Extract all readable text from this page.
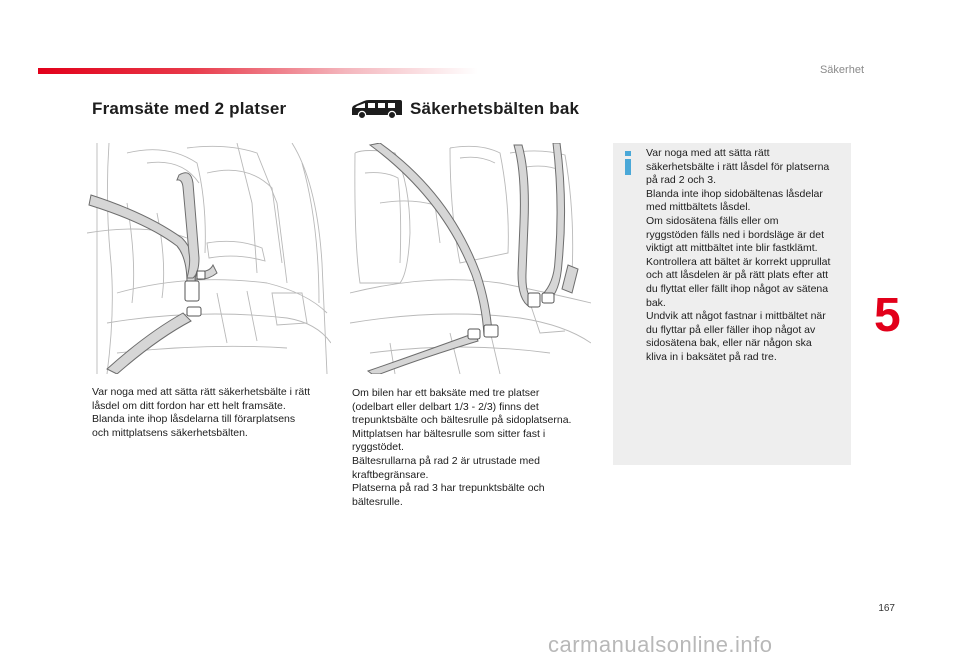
Säkerhet
5
Framsäte med 2 platser	Säkerhetsbälten bak

Var noga med att sätta rätt säkerhetsbälte i rätt
låsdel om ditt fordon har ett helt framsäte.
Blanda inte ihop låsdelarna till förarplatsens
och mittplatsens säkerhetsbälten.

Om bilen har ett baksäte med tre platser
(odelbart eller delbart 1/3 - 2/3) finns det
trepunktsbälte och bältesrulle på sidoplatserna.
Mittplatsen har bältesrulle som sitter fast i
ryggstödet.
Bältesrullarna på rad 2 är utrustade med
kraftbegränsare.
Platserna på rad 3 har trepunktsbälte och
bältesrulle.

Var noga med att sätta rätt
säkerhetsbälte i rätt låsdel för platserna
på rad 2 och 3.
Blanda inte ihop sidobältenas låsdelar
med mittbältets låsdel.
Om sidosätena fälls eller om
ryggstöden fälls ned i bordsläge är det
viktigt att mittbältet inte blir fastklämt.
Kontrollera att bältet är korrekt upprullat
och att låsdelen är på rätt plats efter att
du flyttat eller fällt ihop något av sätena
bak.
Undvik att något fastnar i mittbältet när
du flyttar på eller fäller ihop något av
sidosätena bak, eller när någon ska
kliva in i baksätet på rad tre.

167
carmanualsonline.info
